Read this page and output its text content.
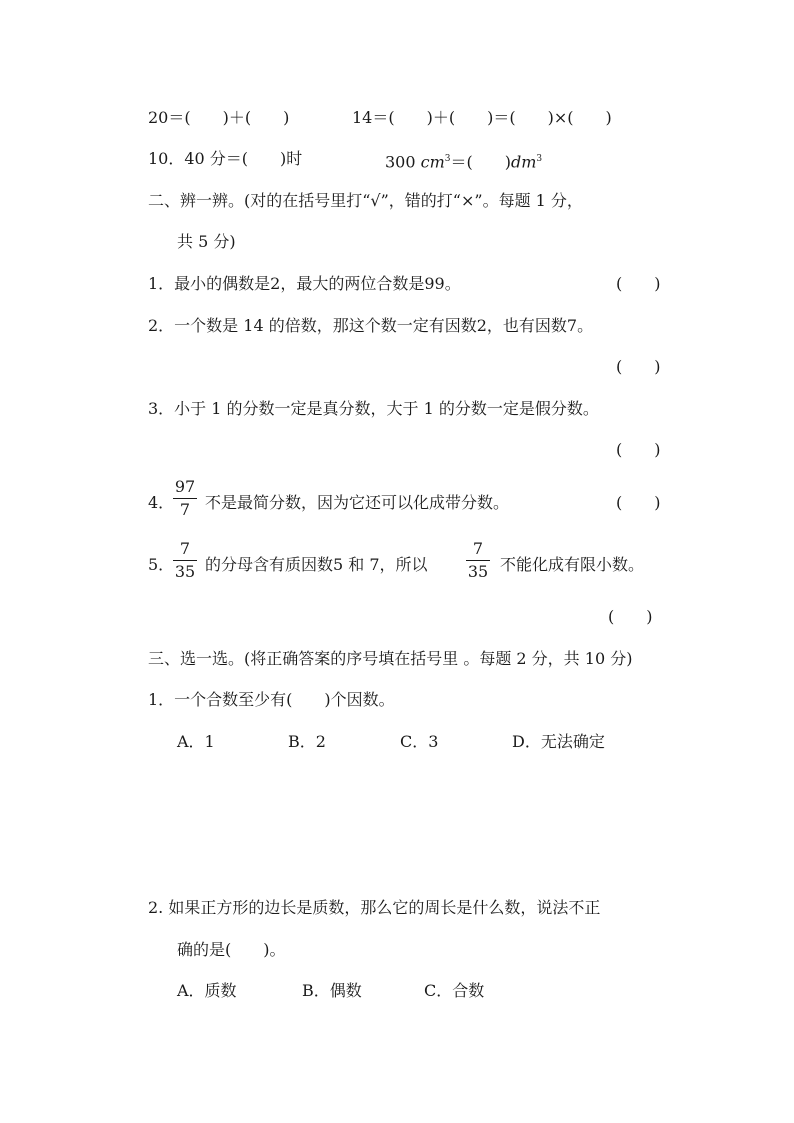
20＝(  )＋(  )	14＝(  )＋(  )＝(  )×(  )
10．40 分＝(  )时	300 $cm^3=$(  )$dm^3$
二、辨一辨。(对的在括号里打“√”，错的打“×”。每题 1 分，
共 5 分)
1．最小的偶数是2，最大的两位合数是99。	(  )
2．一个数是 14 的倍数，那这个数一定有因数2，也有因数7。
(  )
3．小于 1 的分数一定是真分数，大于 1 的分数一定是假分数。
(  )
4．
97
7 不是最简分数，因为它还可以化成带分数。	(  )
5．
7
35 的分母含有质因数5 和 7，所以
7
35 不能化成有限小数。
(  )
三、选一选。(将正确答案的序号填在括号里 。每题 2 分，共 10 分)
1．一个合数至少有(  )个因数。
A．1	B．2	C．3	D．无法确定
2. 如果正方形的边长是质数，那么它的周长是什么数，说法不正
确的是(  )。
A．质数	B．偶数	C．合数
